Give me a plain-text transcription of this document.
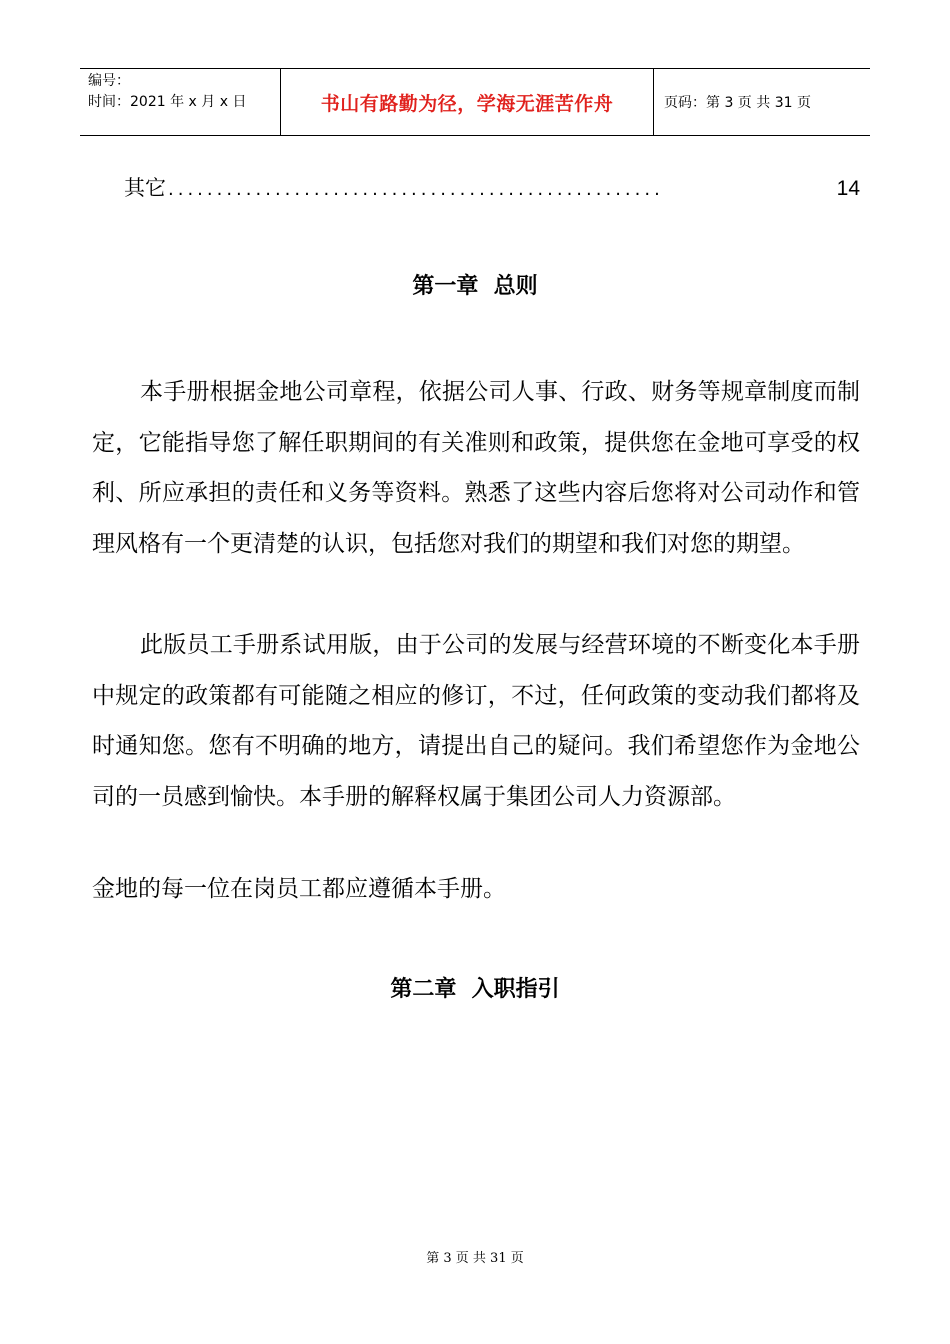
编号：
时间：2021 年 x 月 x 日	书山有路勤为径，学海无涯苦作舟	页码：第 3 页 共 31 页
其它 ...................................................	14
第一章  总则

本手册根据金地公司章程，依据公司人事、行政、财务等规章制度而制定，它能指导您了解任职期间的有关准则和政策，提供您在金地可享受的权利、所应承担的责任和义务等资料。熟悉了这些内容后您将对公司动作和管理风格有一个更清楚的认识，包括您对我们的期望和我们对您的期望。

此版员工手册系试用版，由于公司的发展与经营环境的不断变化本手册中规定的政策都有可能随之相应的修订，不过，任何政策的变动我们都将及时通知您。您有不明确的地方，请提出自己的疑问。我们希望您作为金地公司的一员感到愉快。本手册的解释权属于集团公司人力资源部。

金地的每一位在岗员工都应遵循本手册。

第二章  入职指引
第 3 页 共 31 页
